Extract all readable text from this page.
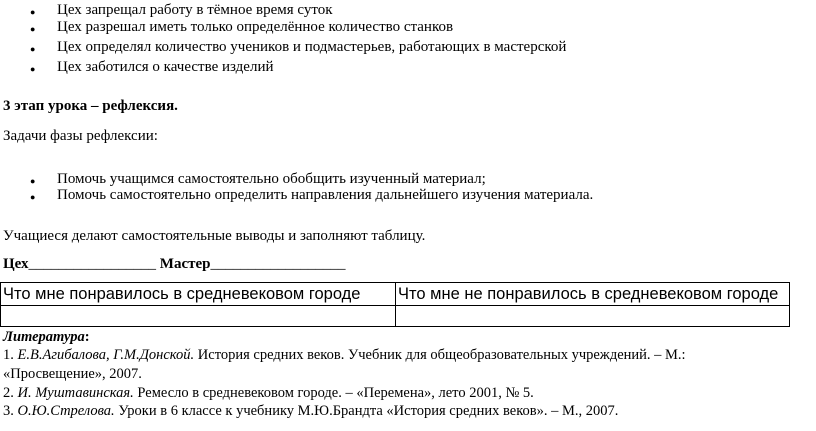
● Цех запрещал работу в тёмное время суток
● Цех разрешал иметь только определённое количество станков
● Цех определял количество учеников и подмастерьев, работающих в мастерской
● Цех заботился о качестве изделий
3 этап урока – рефлексия.
Задачи фазы рефлексии:
● Помочь учащимся самостоятельно обобщить изученный материал;
● Помочь самостоятельно определить направления дальнейшего изучения материала.
Учащиеся делают самостоятельные выводы и заполняют таблицу.
Цех_________________ Мастер__________________
Что мне понравилось в средневековом городе	Что мне не понравилось в средневековом городе

Литература:
1. Е.В.Агибалова, Г.М.Донской. История средних веков. Учебник для общеобразовательных учреждений. – М.:
«Просвещение», 2007.
2. И. Муштавинская. Ремесло в средневековом городе. – «Перемена», лето 2001, № 5.
3. О.Ю.Стрелова. Уроки в 6 классе к учебнику М.Ю.Брандта «История средних веков». – М., 2007.
